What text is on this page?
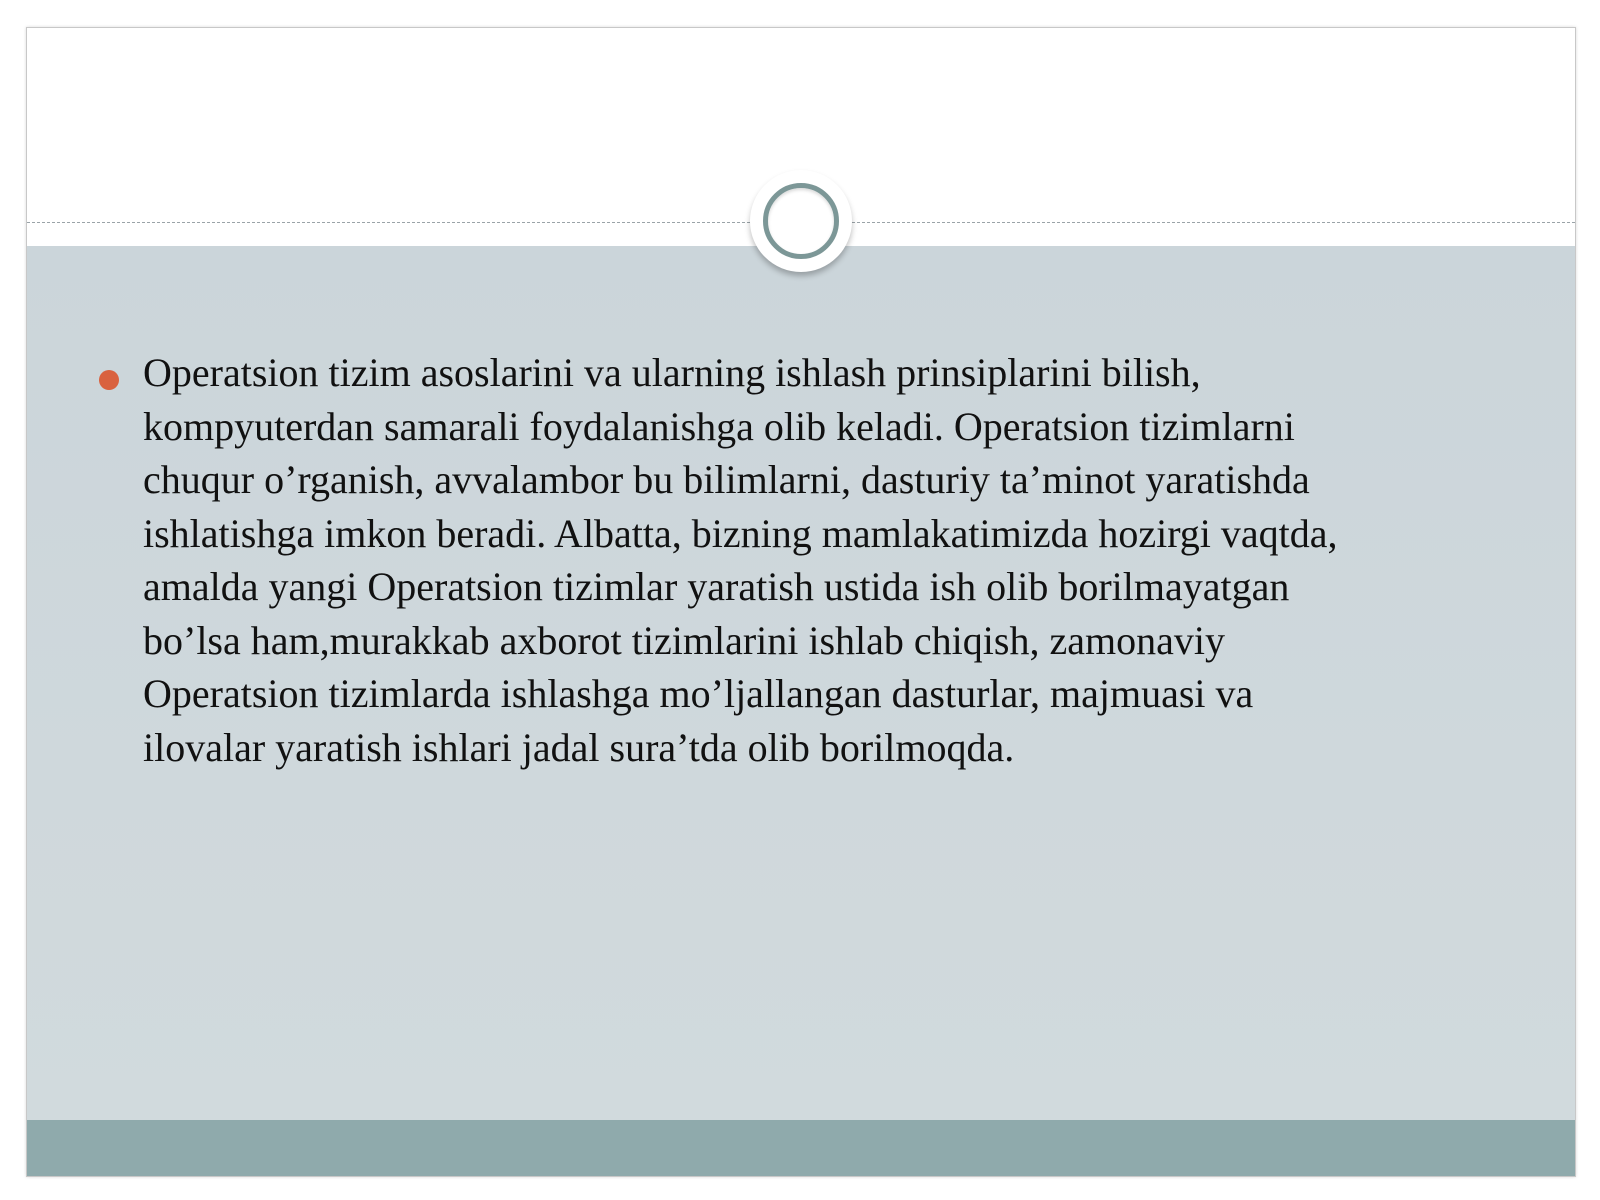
Operatsion tizim asoslarini va ularning ishlash prinsiplarini bilish,
kompyuterdan samarali foydalanishga olib keladi. Operatsion tizimlarni
chuqur o’rganish, avvalambor bu bilimlarni, dasturiy ta’minot yaratishda
ishlatishga imkon beradi. Albatta, bizning mamlakatimizda hozirgi vaqtda,
amalda yangi Operatsion tizimlar yaratish ustida ish olib borilmayatgan
bo’lsa ham,murakkab axborot tizimlarini ishlab chiqish, zamonaviy
Operatsion tizimlarda ishlashga mo’ljallangan dasturlar, majmuasi va
ilovalar yaratish ishlari jadal sura’tda olib borilmoqda.
